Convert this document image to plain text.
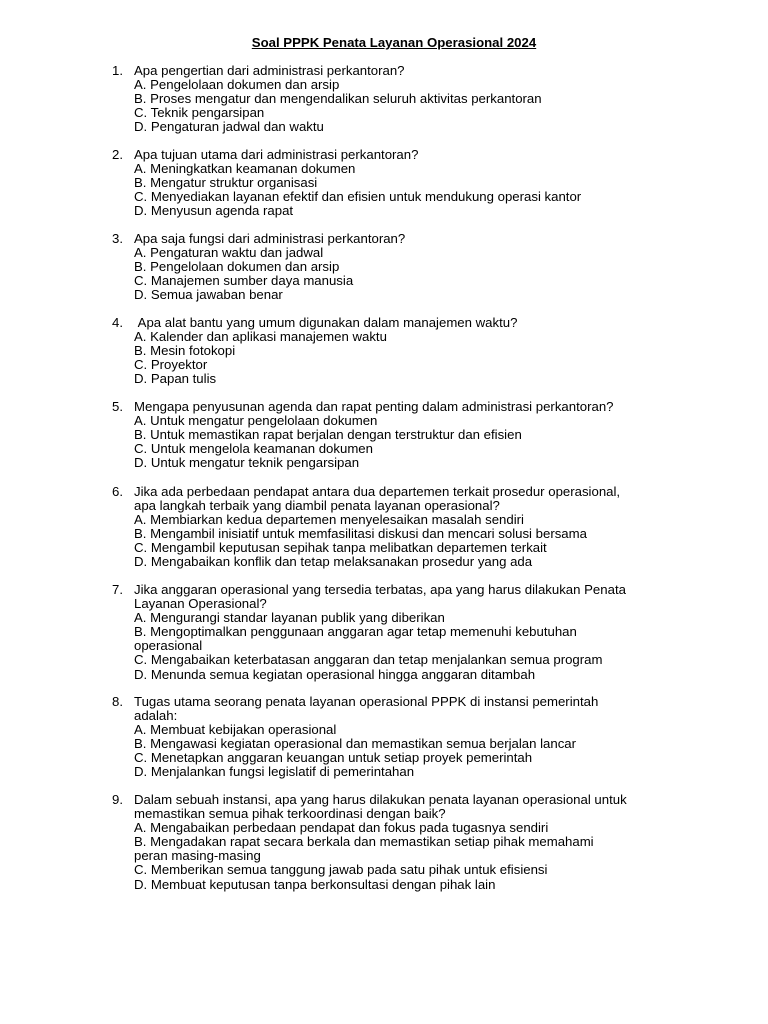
Soal PPPK Penata Layanan Operasional 2024
1. Apa pengertian dari administrasi perkantoran?
A. Pengelolaan dokumen dan arsip
B. Proses mengatur dan mengendalikan seluruh aktivitas perkantoran
C. Teknik pengarsipan
D. Pengaturan jadwal dan waktu
2. Apa tujuan utama dari administrasi perkantoran?
A. Meningkatkan keamanan dokumen
B. Mengatur struktur organisasi
C. Menyediakan layanan efektif dan efisien untuk mendukung operasi kantor
D. Menyusun agenda rapat
3. Apa saja fungsi dari administrasi perkantoran?
A. Pengaturan waktu dan jadwal
B. Pengelolaan dokumen dan arsip
C. Manajemen sumber daya manusia
D. Semua jawaban benar
4. Apa alat bantu yang umum digunakan dalam manajemen waktu?
A. Kalender dan aplikasi manajemen waktu
B. Mesin fotokopi
C. Proyektor
D. Papan tulis
5. Mengapa penyusunan agenda dan rapat penting dalam administrasi perkantoran?
A. Untuk mengatur pengelolaan dokumen
B. Untuk memastikan rapat berjalan dengan terstruktur dan efisien
C. Untuk mengelola keamanan dokumen
D. Untuk mengatur teknik pengarsipan
6. Jika ada perbedaan pendapat antara dua departemen terkait prosedur operasional,
apa langkah terbaik yang diambil penata layanan operasional?
A. Membiarkan kedua departemen menyelesaikan masalah sendiri
B. Mengambil inisiatif untuk memfasilitasi diskusi dan mencari solusi bersama
C. Mengambil keputusan sepihak tanpa melibatkan departemen terkait
D. Mengabaikan konflik dan tetap melaksanakan prosedur yang ada
7. Jika anggaran operasional yang tersedia terbatas, apa yang harus dilakukan Penata
Layanan Operasional?
A. Mengurangi standar layanan publik yang diberikan
B. Mengoptimalkan penggunaan anggaran agar tetap memenuhi kebutuhan
operasional
C. Mengabaikan keterbatasan anggaran dan tetap menjalankan semua program
D. Menunda semua kegiatan operasional hingga anggaran ditambah
8. Tugas utama seorang penata layanan operasional PPPK di instansi pemerintah
adalah:
A. Membuat kebijakan operasional
B. Mengawasi kegiatan operasional dan memastikan semua berjalan lancar
C. Menetapkan anggaran keuangan untuk setiap proyek pemerintah
D. Menjalankan fungsi legislatif di pemerintahan
9. Dalam sebuah instansi, apa yang harus dilakukan penata layanan operasional untuk
memastikan semua pihak terkoordinasi dengan baik?
A. Mengabaikan perbedaan pendapat dan fokus pada tugasnya sendiri
B. Mengadakan rapat secara berkala dan memastikan setiap pihak memahami
peran masing-masing
C. Memberikan semua tanggung jawab pada satu pihak untuk efisiensi
D. Membuat keputusan tanpa berkonsultasi dengan pihak lain
